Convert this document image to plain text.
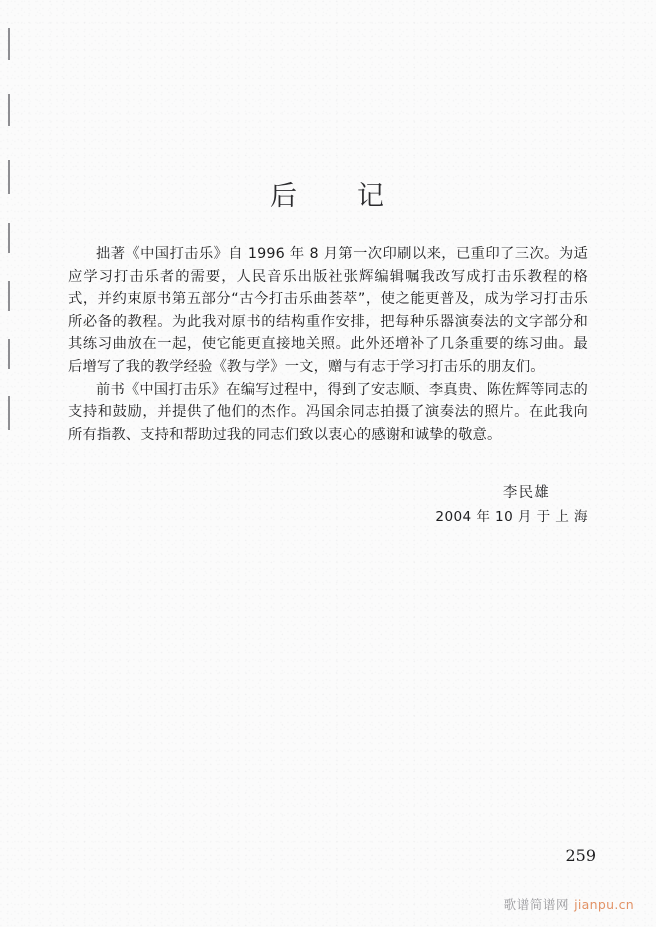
后　　记

拙著《中国打击乐》自 1996 年 8 月第一次印刷以来，已重印了三次。为适应学习打击乐者的需要，人民音乐出版社张辉编辑嘱我改写成打击乐教程的格式，并约束原书第五部分“古今打击乐曲荟萃”，使之能更普及，成为学习打击乐所必备的教程。为此我对原书的结构重作安排，把每种乐器演奏法的文字部分和其练习曲放在一起，使它能更直接地关照。此外还增补了几条重要的练习曲。最后增写了我的教学经验《教与学》一文，赠与有志于学习打击乐的朋友们。

前书《中国打击乐》在编写过程中，得到了安志顺、李真贵、陈佐辉等同志的支持和鼓励，并提供了他们的杰作。冯国余同志拍摄了演奏法的照片。在此我向所有指教、支持和帮助过我的同志们致以衷心的感谢和诚挚的敬意。

李民雄
2004 年 10 月 于 上 海
259
歌谱简谱网 jianpu.cn
